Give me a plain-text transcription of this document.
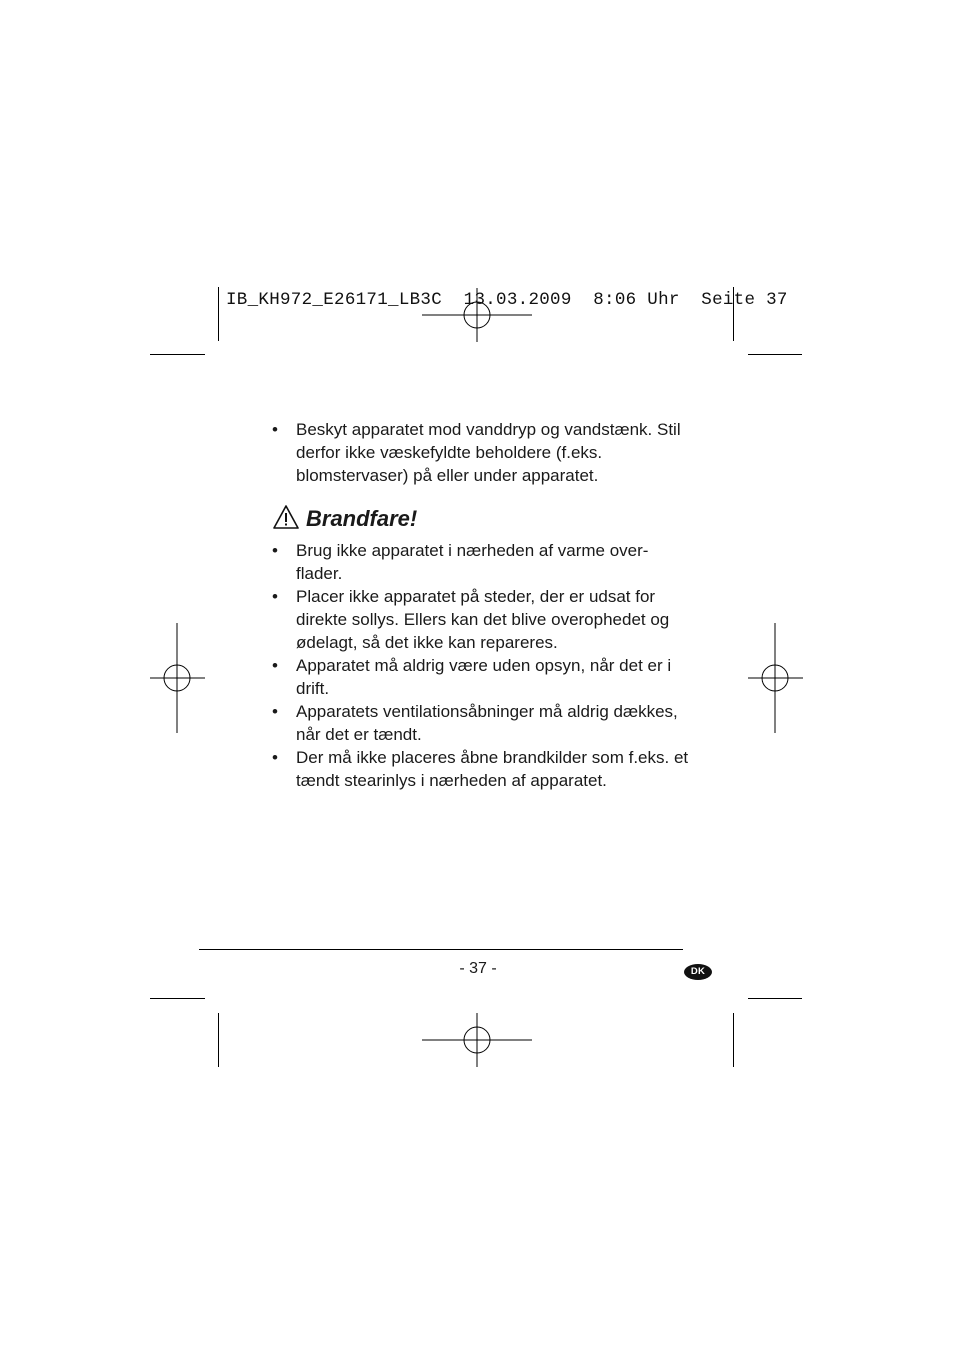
IB_KH972_E26171_LB3C  13.03.2009  8:06 Uhr  Seite 37
• Beskyt apparatet mod vanddryp og vandstænk. Stil derfor ikke væskefyldte beholdere (f.eks. blomstervaser) på eller under apparatet.
Brandfare!
• Brug ikke apparatet i nærheden af varme over-
flader.
• Placer ikke apparatet på steder, der er udsat for direkte sollys. Ellers kan det blive overophedet og ødelagt, så det ikke kan repareres.
• Apparatet må aldrig være uden opsyn, når det er i drift.
• Apparatets ventilationsåbninger må aldrig dækkes, når det er tændt.
• Der må ikke placeres åbne brandkilder som f.eks. et tændt stearinlys i nærheden af apparatet.
- 37 -	DK
